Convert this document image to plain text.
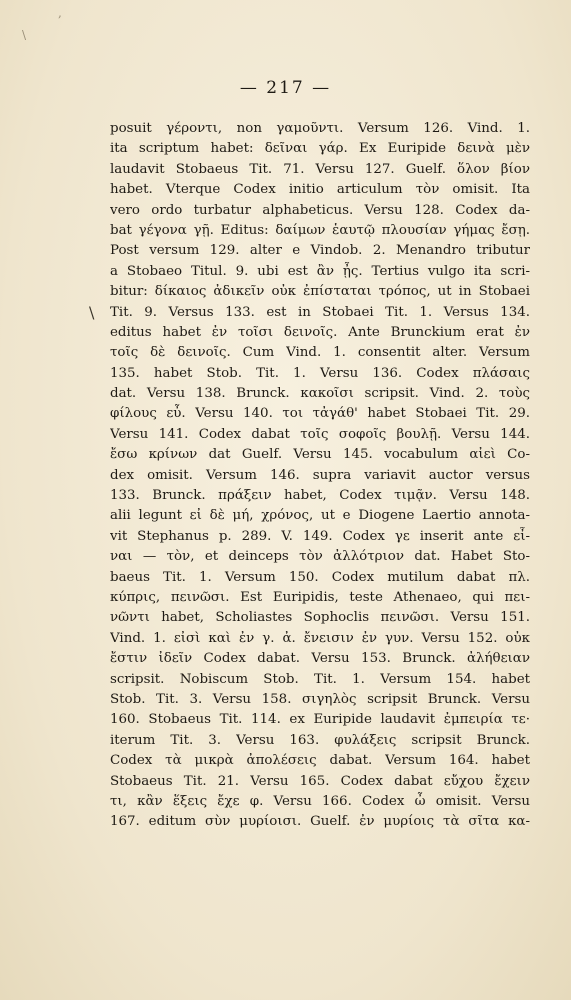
,
\
— 217 —
\
posuit γέροντι, non γαμοῦντι. Versum 126. Vind. 1.
ita scriptum habet: δεῖναι γάρ. Ex Euripide δεινὰ μὲν
laudavit Stobaeus Tit. 71. Versu 127. Guelf. ὅλον βίον
habet. Vterque Codex initio articulum τὸν omisit. Ita
vero ordo turbatur alphabeticus. Versu 128. Codex da-
bat γέγονα γῇ. Editus: δαίμων ἑαυτῷ πλουσίαν γήμας ἔσῃ.
Post versum 129. alter e Vindob. 2. Menandro tributur
a Stobaeo Titul. 9. ubi est ἂν ᾖς. Tertius vulgo ita scri-
bitur: δίκαιος ἀδικεῖν οὐκ ἐπίσταται τρόπος, ut in Stobaei
Tit. 9. Versus 133. est in Stobaei Tit. 1. Versus 134.
editus habet ἐν τοῖσι δεινοῖς. Ante Brunckium erat ἐν
τοῖς δὲ δεινοῖς. Cum Vind. 1. consentit alter. Versum
135. habet Stob. Tit. 1. Versu 136. Codex πλάσαις
dat. Versu 138. Brunck. κακοῖσι scripsit. Vind. 2. τοὺς
φίλους εὖ. Versu 140. τοι τἀγάθ' habet Stobaei Tit. 29.
Versu 141. Codex dabat τοῖς σοφοῖς βουλῇ. Versu 144.
ἔσω κρίνων dat Guelf. Versu 145. vocabulum αἰεὶ Co-
dex omisit. Versum 146. supra variavit auctor versus
133. Brunck. πράξειν habet, Codex τιμᾷν. Versu 148.
alii legunt εἰ δὲ μή, χρόνος, ut e Diogene Laertio annota-
vit Stephanus p. 289. V. 149. Codex γε inserit ante εἶ-
ναι — τὸν, et deinceps τὸν ἀλλότριον dat. Habet Sto-
baeus Tit. 1. Versum 150. Codex mutilum dabat πλ.
κύπρις, πεινῶσι. Est Euripidis, teste Athenaeo, qui πει-
νῶντι habet, Scholiastes Sophoclis πεινῶσι. Versu 151.
Vind. 1. εἰσὶ καὶ ἐν γ. ἀ. ἔνεισιν ἐν γυν. Versu 152. οὐκ
ἔστιν ἰδεῖν Codex dabat. Versu 153. Brunck. ἀλήθειαν
scripsit. Nobiscum Stob. Tit. 1. Versum 154. habet
Stob. Tit. 3. Versu 158. σιγηλὸς scripsit Brunck. Versu
160. Stobaeus Tit. 114. ex Euripide laudavit ἐμπειρία τε·
iterum Tit. 3. Versu 163. φυλάξεις scripsit Brunck.
Codex τὰ μικρὰ ἀπολέσεις dabat. Versum 164. habet
Stobaeus Tit. 21. Versu 165. Codex dabat εὔχου ἔχειν
τι, κἂν ἕξεις ἔχε φ. Versu 166. Codex ὦ omisit. Versu
167. editum σὺν μυρίοισι. Guelf. ἐν μυρίοις τὰ σῖτα κα-
